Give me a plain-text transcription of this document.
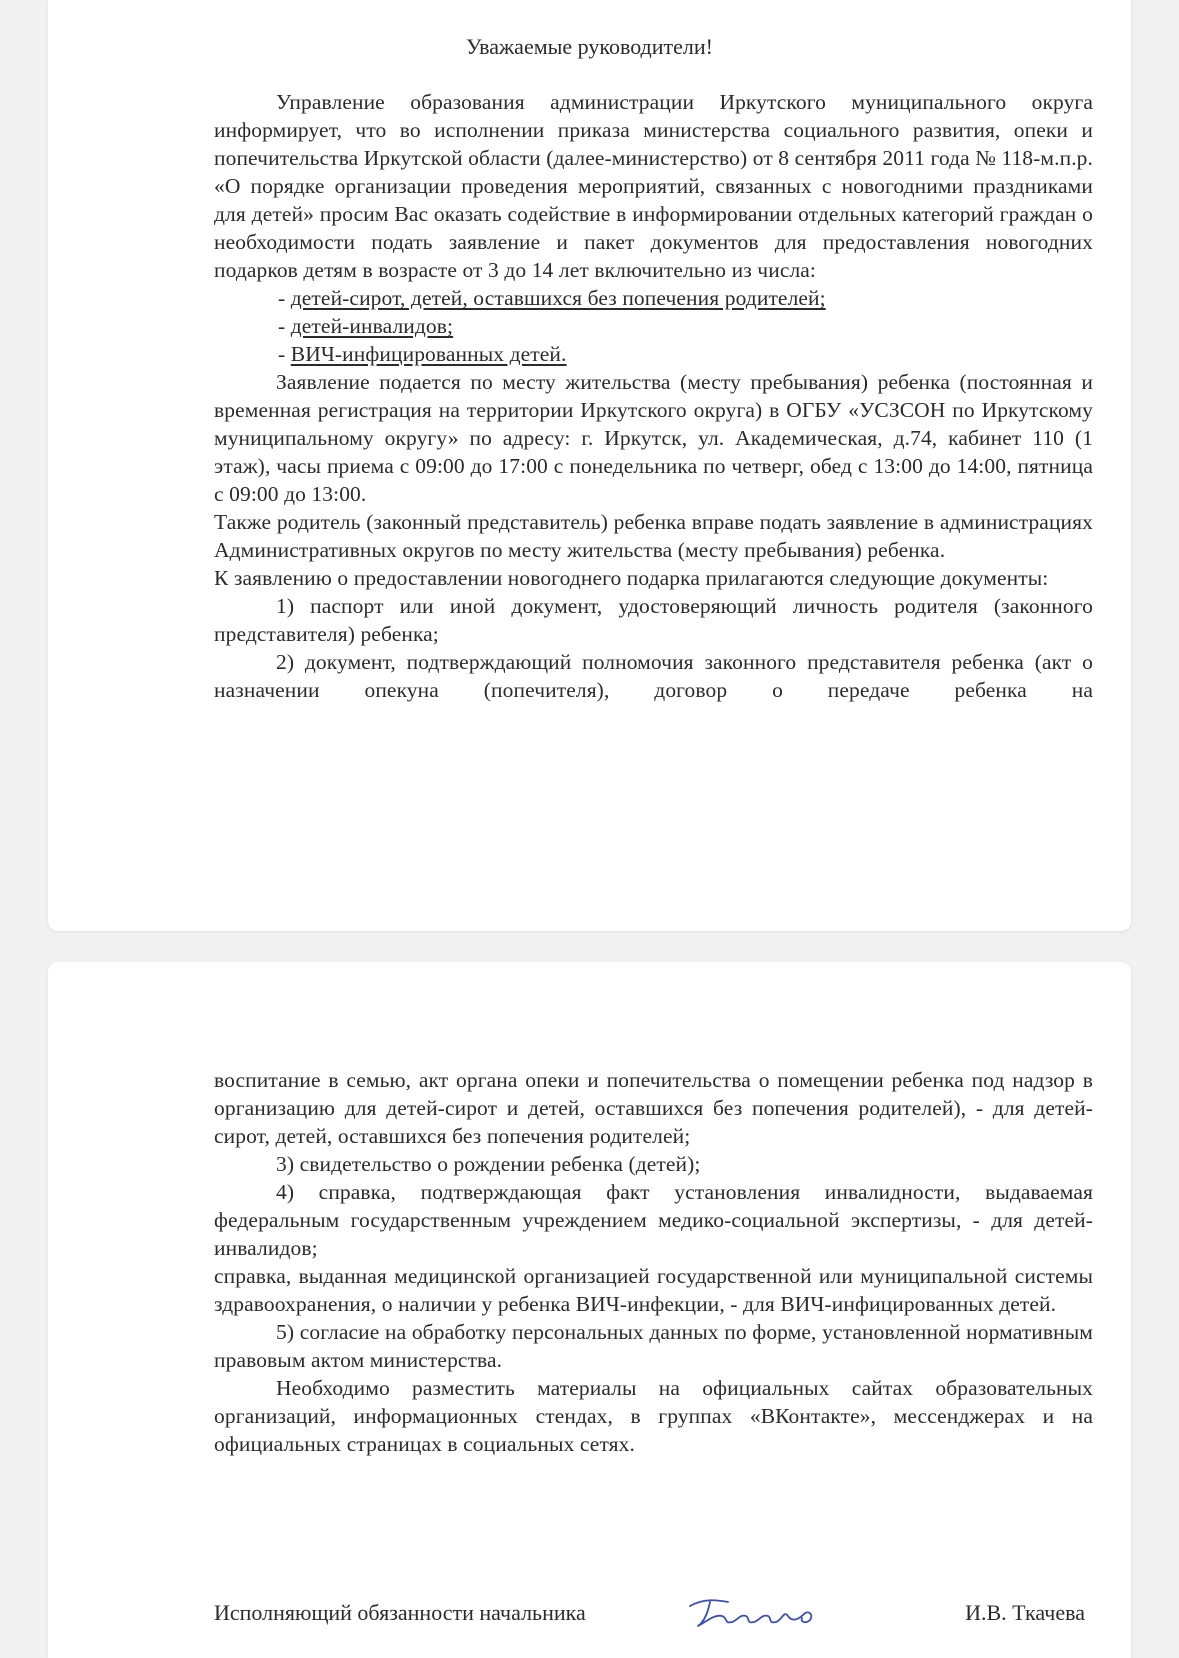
Уважаемые руководители!

Управление образования администрации Иркутского муниципального округа информирует, что во исполнении приказа министерства социального развития, опеки и попечительства Иркутской области (далее-министерство) от 8 сентября 2011 года № 118-м.п.р. «О порядке организации проведения мероприятий, связанных с новогодними праздниками для детей» просим Вас оказать содействие в информировании отдельных категорий граждан о необходимости подать заявление и пакет документов для предоставления новогодних подарков детям в возрасте от 3 до 14 лет включительно из числа:

- детей-сирот, детей, оставшихся без попечения родителей;

- детей-инвалидов;

- ВИЧ-инфицированных детей.

Заявление подается по месту жительства (месту пребывания) ребенка (постоянная и временная регистрация на территории Иркутского округа) в ОГБУ «УСЗСОН по Иркутскому муниципальному округу» по адресу: г. Иркутск, ул. Академическая, д.74, кабинет 110 (1 этаж), часы приема с 09:00 до 17:00 с понедельника по четверг, обед с 13:00 до 14:00, пятница с 09:00 до 13:00.

Также родитель (законный представитель) ребенка вправе подать заявление в администрациях Административных округов по месту жительства (месту пребывания) ребенка.

К заявлению о предоставлении новогоднего подарка прилагаются следующие документы:

1) паспорт или иной документ, удостоверяющий личность родителя (законного представителя) ребенка;

2) документ, подтверждающий полномочия законного представителя ребенка (акт о назначении опекуна (попечителя), договор о передаче ребенка на

воспитание в семью, акт органа опеки и попечительства о помещении ребенка под надзор в организацию для детей-сирот и детей, оставшихся без попечения родителей), - для детей-сирот, детей, оставшихся без попечения родителей;

3) свидетельство о рождении ребенка (детей);

4) справка, подтверждающая факт установления инвалидности, выдаваемая федеральным государственным учреждением медико-социальной экспертизы, - для детей-инвалидов;

справка, выданная медицинской организацией государственной или муниципальной системы здравоохранения, о наличии у ребенка ВИЧ-инфекции, - для ВИЧ-инфицированных детей.

5) согласие на обработку персональных данных по форме, установленной нормативным правовым актом министерства.

Необходимо разместить материалы на официальных сайтах образовательных организаций, информационных стендах, в группах «ВКонтакте», мессенджерах и на официальных страницах в социальных сетях.

Исполняющий обязанности начальника	И.В. Ткачева
